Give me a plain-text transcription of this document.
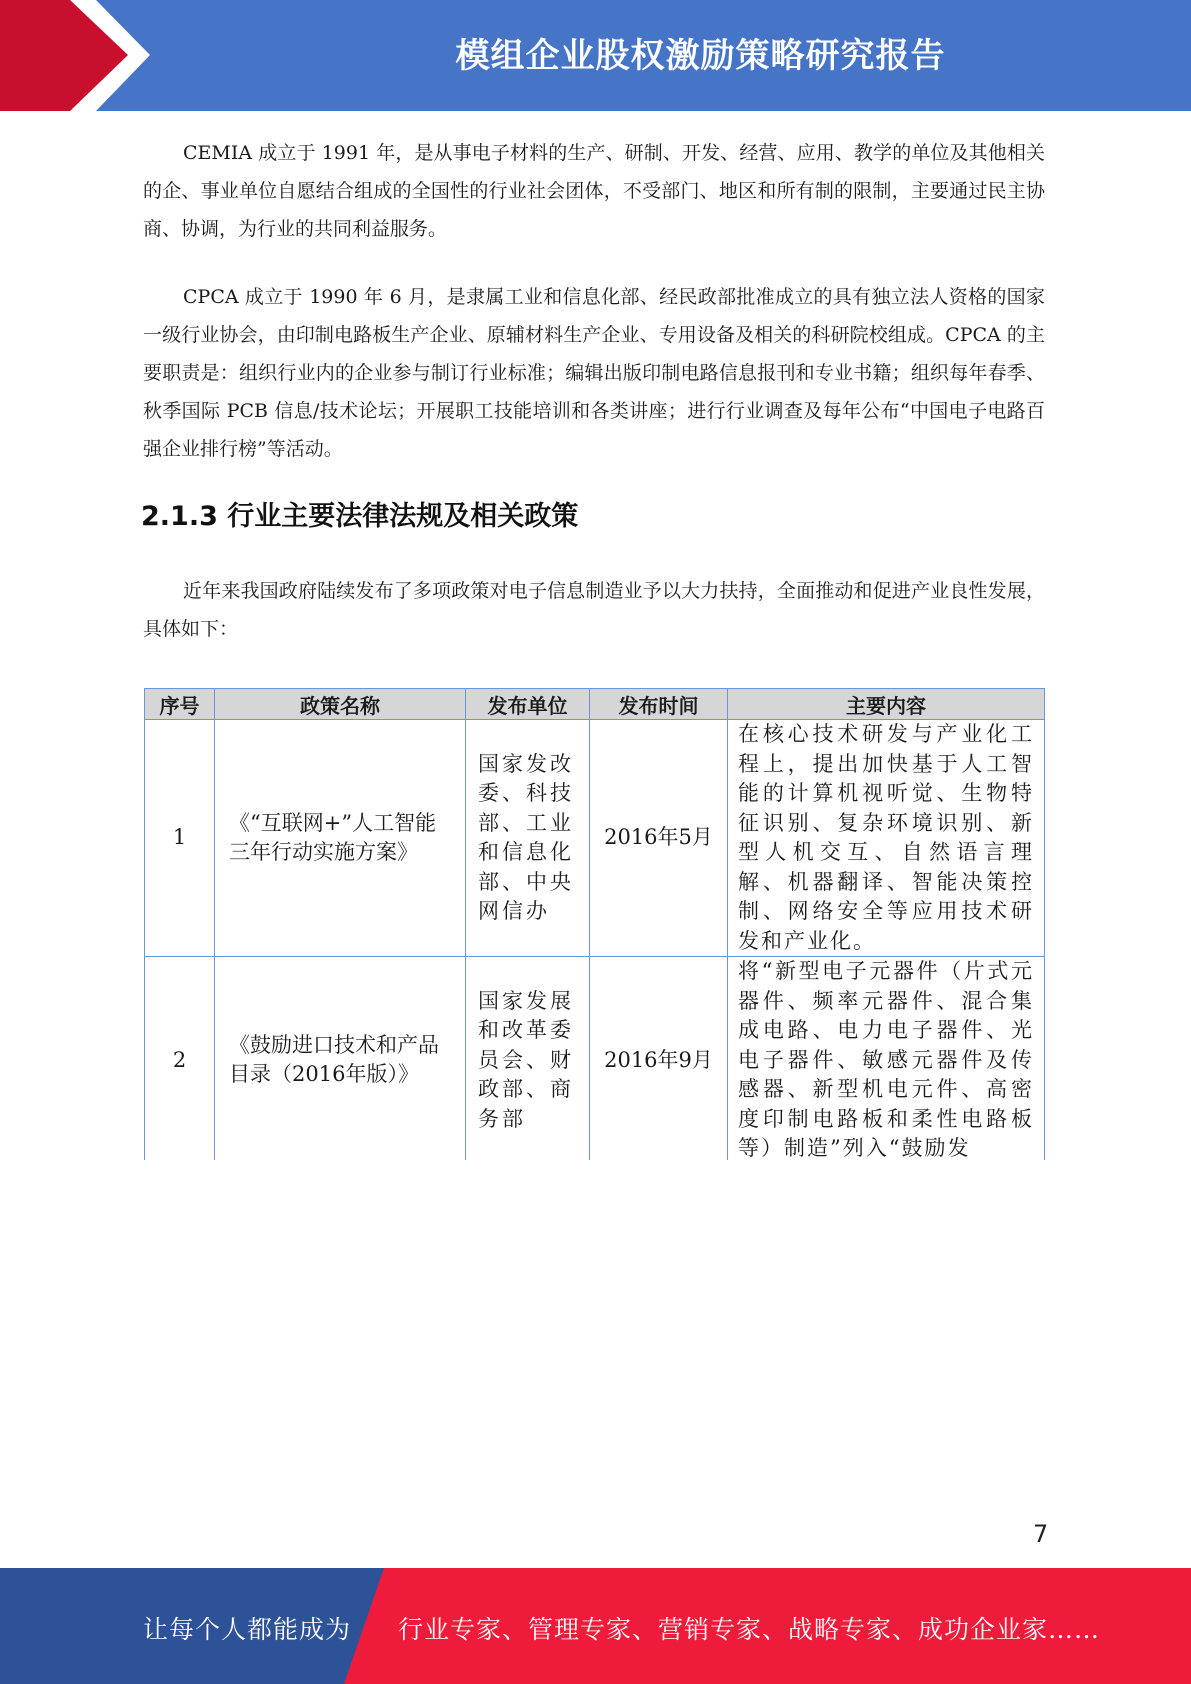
模组企业股权激励策略研究报告

CEMIA 成立于 1991 年，是从事电子材料的生产、研制、开发、经营、应用、教学的单位及其他相关的企、事业单位自愿结合组成的全国性的行业社会团体，不受部门、地区和所有制的限制，主要通过民主协商、协调，为行业的共同利益服务。

CPCA 成立于 1990 年 6 月，是隶属工业和信息化部、经民政部批准成立的具有独立法人资格的国家一级行业协会，由印制电路板生产企业、原辅材料生产企业、专用设备及相关的科研院校组成。CPCA 的主要职责是：组织行业内的企业参与制订行业标准；编辑出版印制电路信息报刊和专业书籍；组织每年春季、秋季国际 PCB 信息/技术论坛；开展职工技能培训和各类讲座；进行行业调查及每年公布“中国电子电路百强企业排行榜”等活动。

2.1.3 行业主要法律法规及相关政策

近年来我国政府陆续发布了多项政策对电子信息制造业予以大力扶持，全面推动和促进产业良性发展，具体如下：

序号	政策名称	发布单位	发布时间	主要内容
1	《“互联网+”人工智能三年行动实施方案》	国家发改委、科技部、工业和信息化部、中央网信办	2016年5月	在核心技术研发与产业化工程上，提出加快基于人工智能的计算机视听觉、生物特征识别、复杂环境识别、新型人机交互、自然语言理解、机器翻译、智能决策控制、网络安全等应用技术研发和产业化。
2	《鼓励进口技术和产品目录（2016年版）》	国家发展和改革委员会、财政部、商务部	2016年9月	将“新型电子元器件（片式元器件、频率元器件、混合集成电路、电力电子器件、光电子器件、敏感元器件及传感器、新型机电元件、高密度印制电路板和柔性电路板等）制造”列入“鼓励发
7
让每个人都能成为 行业专家、管理专家、营销专家、战略专家、成功企业家……
